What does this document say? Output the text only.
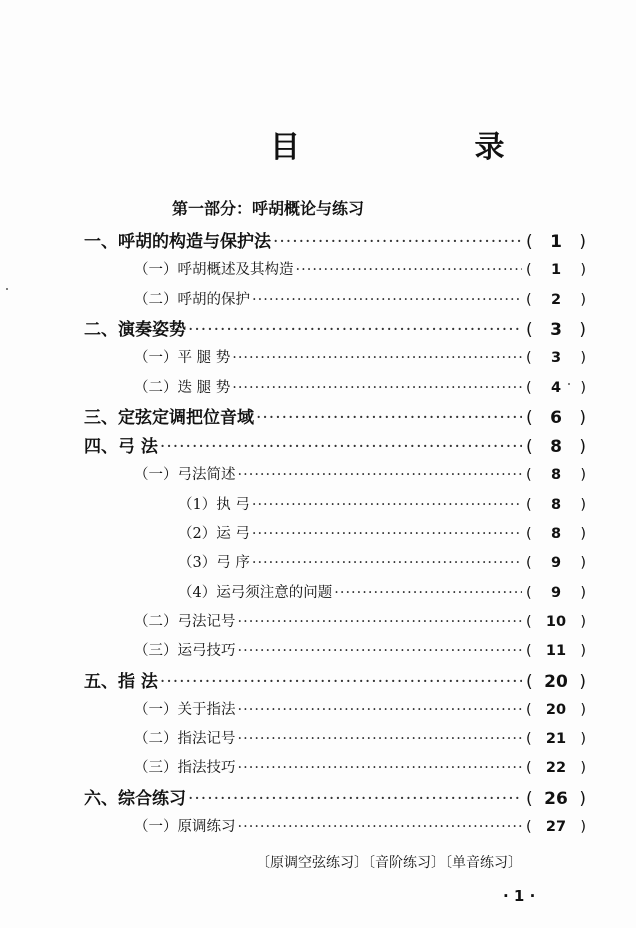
目 录
第一部分：呼胡概论与练习
一、呼胡的构造与保护法 ·····	( 1 )
（一）呼胡概述及其构造 ·····	( 1 )
（二）呼胡的保护 ·····	( 2 )
二、演奏姿势 ·····	( 3 )
（一）平 腿 势 ·····	( 3 )
（二）迭 腿 势 ·····	( 4 )
三、定弦定调把位音域 ·····	( 6 )
四、弓 法 ·····	( 8 )
（一）弓法简述 ·····	( 8 )
（1）执 弓 ·····	( 8 )
（2）运 弓 ·····	( 8 )
（3）弓 序 ·····	( 9 )
（4）运弓须注意的问题 ·····	( 9 )
（二）弓法记号 ·····	( 10 )
（三）运弓技巧 ·····	( 11 )
五、指 法 ·····	( 20 )
（一）关于指法 ·····	( 20 )
（二）指法记号 ·····	( 21 )
（三）指法技巧 ·····	( 22 )
六、综合练习 ·····	( 26 )
（一）原调练习 ·····	( 27 )
〔原调空弦练习〕〔音阶练习〕〔单音练习〕
· 1 ·
